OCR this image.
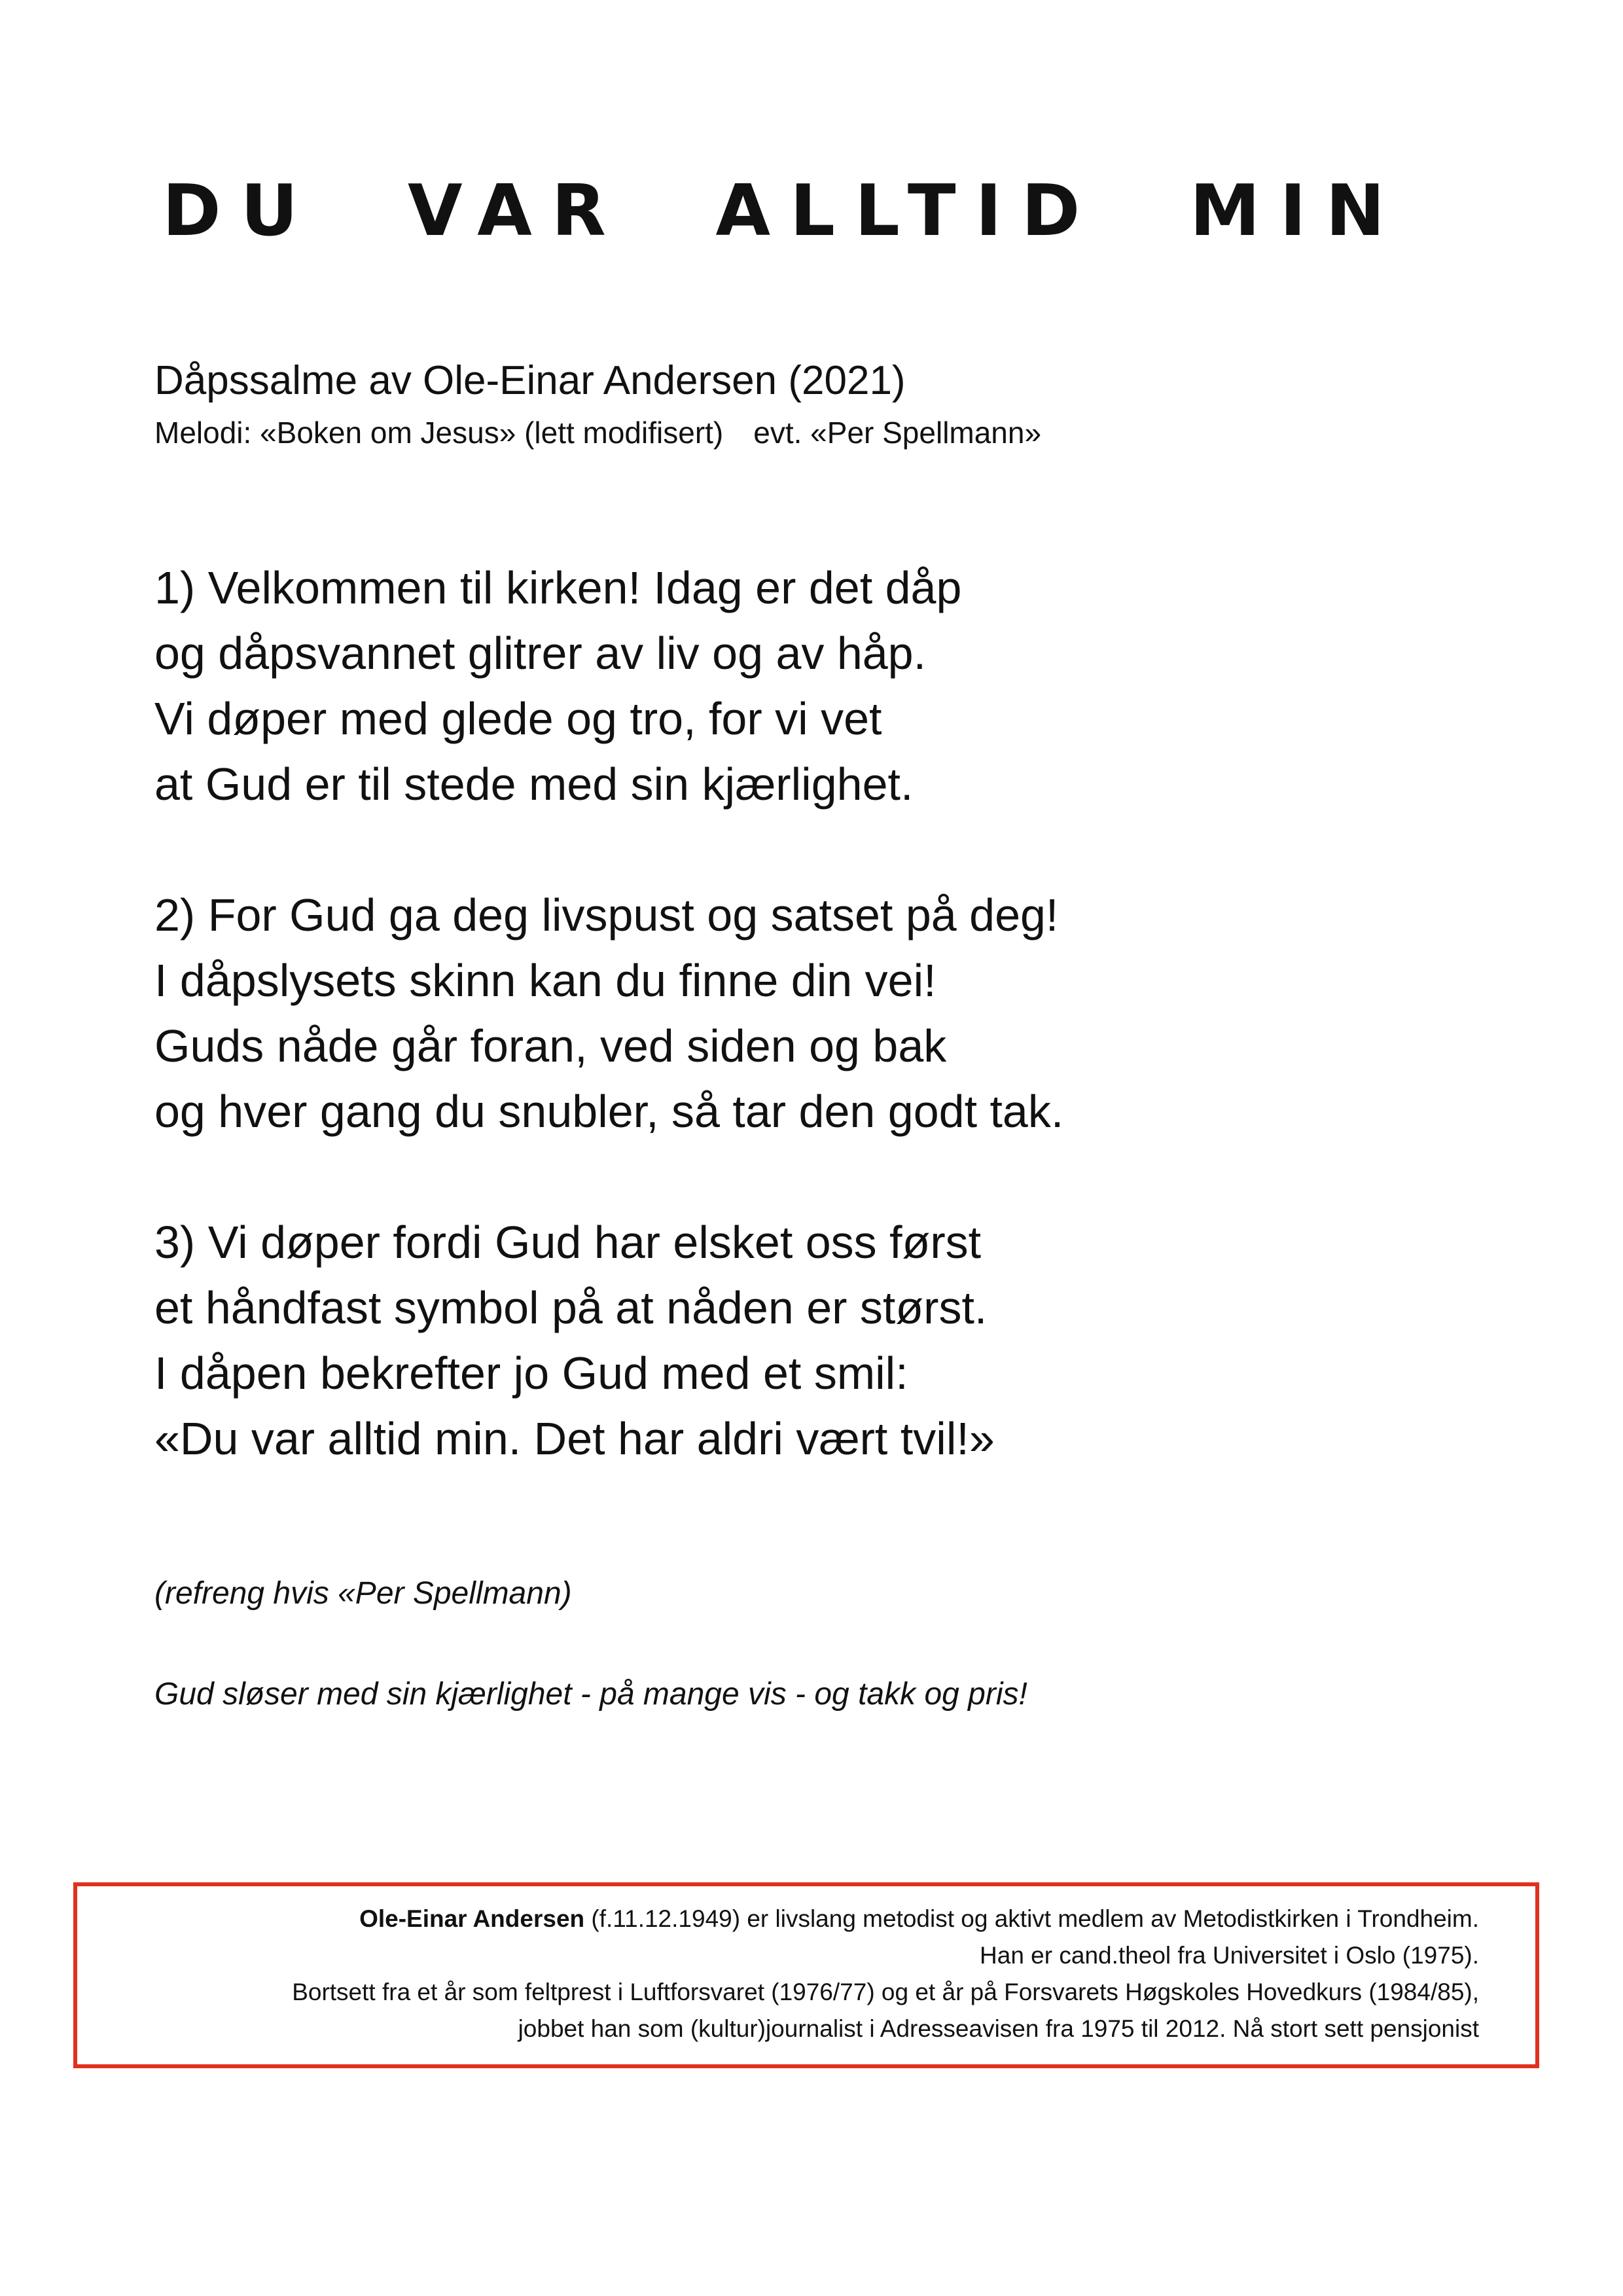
DU VAR ALLTID MIN
Dåpssalme av Ole-Einar Andersen (2021)
Melodi: «Boken om Jesus» (lett modifisert) evt. «Per Spellmann»
1) Velkommen til kirken! Idag er det dåp
og dåpsvannet glitrer av liv og av håp.
Vi døper med glede og tro, for vi vet
at Gud er til stede med sin kjærlighet.
2) For Gud ga deg livspust og satset på deg!
I dåpslysets skinn kan du finne din vei!
Guds nåde går foran, ved siden og bak
og hver gang du snubler, så tar den godt tak.
3) Vi døper fordi Gud har elsket oss først
et håndfast symbol på at nåden er størst.
I dåpen bekrefter jo Gud med et smil:
«Du var alltid min. Det har aldri vært tvil!»
(refreng hvis «Per Spellmann)
Gud sløser med sin kjærlighet - på mange vis - og takk og pris!
Ole-Einar Andersen (f.11.12.1949) er livslang metodist og aktivt medlem av Metodistkirken i Trondheim.
Han er cand.theol fra Universitet i Oslo (1975).
Bortsett fra et år som feltprest i Luftforsvaret (1976/77) og et år på Forsvarets Høgskoles Hovedkurs (1984/85),
jobbet han som (kultur)journalist i Adresseavisen fra 1975 til 2012. Nå stort sett pensjonist
